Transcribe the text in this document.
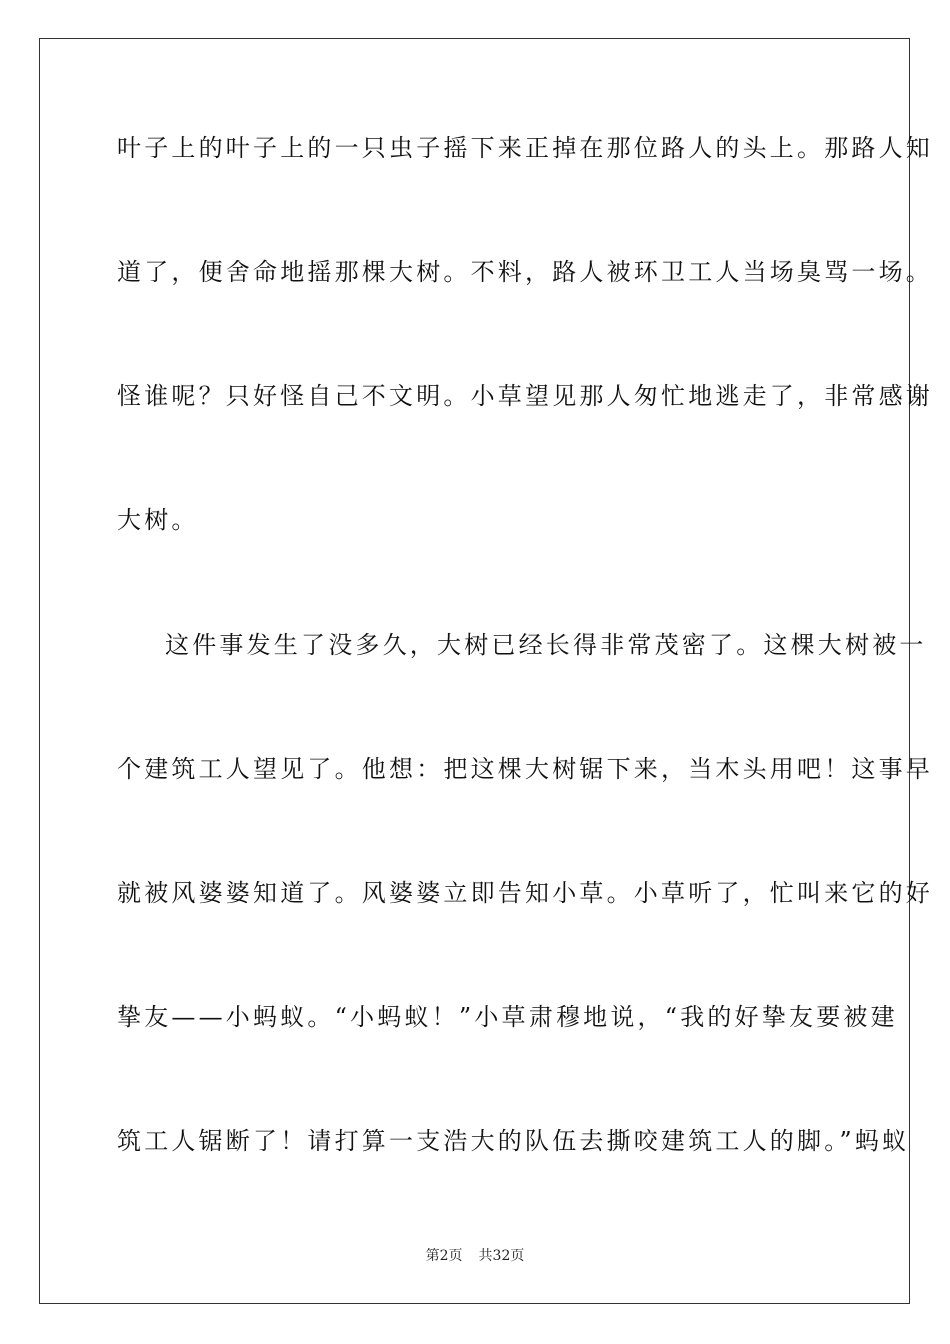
叶子上的叶子上的一只虫子摇下来正掉在那位路人的头上。那路人知
道了，便舍命地摇那棵大树。不料，路人被环卫工人当场臭骂一场。
怪谁呢？只好怪自己不文明。小草望见那人匆忙地逃走了，非常感谢
大树。
这件事发生了没多久，大树已经长得非常茂密了。这棵大树被一
个建筑工人望见了。他想：把这棵大树锯下来，当木头用吧！这事早
就被风婆婆知道了。风婆婆立即告知小草。小草听了，忙叫来它的好
挚友——小蚂蚁。“小蚂蚁！”小草肃穆地说，“我的好挚友要被建
筑工人锯断了！请打算一支浩大的队伍去撕咬建筑工人的脚。”蚂蚁
第2页 共32页
